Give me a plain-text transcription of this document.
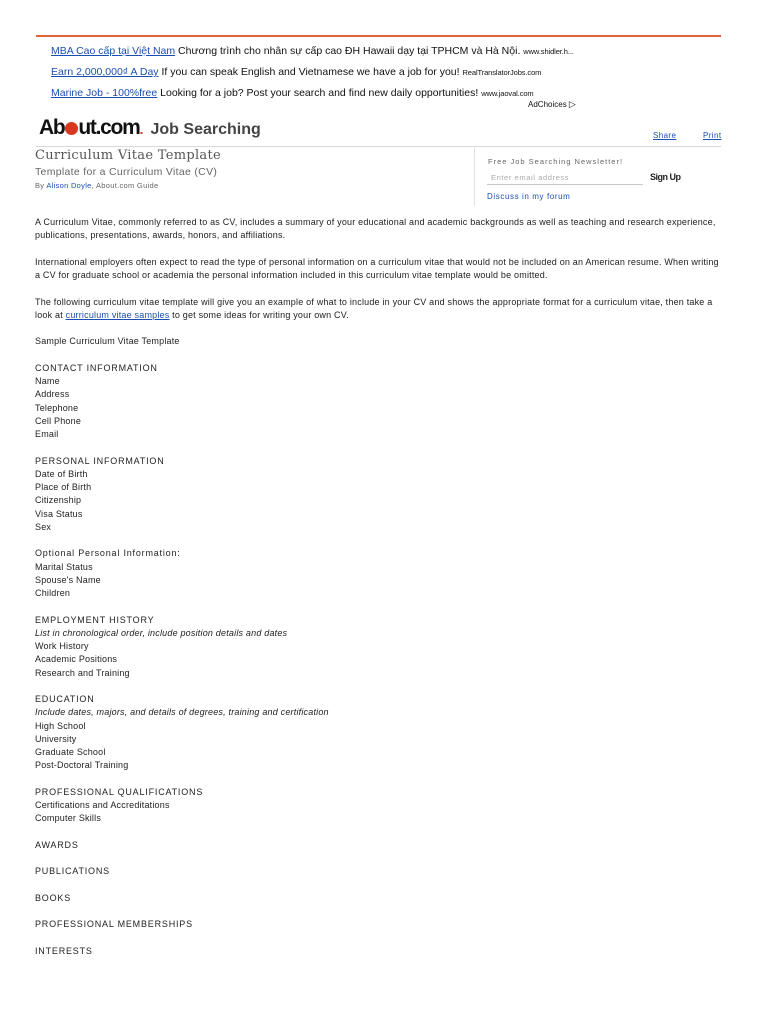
MBA Cao cấp tại Việt Nam Chương trình cho nhân sự cấp cao ĐH Hawaii dạy tại TPHCM và Hà Nội. www.shidler.h...
Earn 2,000,000₫ A Day If you can speak English and Vietnamese we have a job for you! RealTranslatorJobs.com
Marine Job - 100%free Looking for a job? Post your search and find new daily opportunities! www.jaoval.com
AdChoices ▷
Ab ut.com. Job Searching	Share	Print
Curriculum Vitae Template
Template for a Curriculum Vitae (CV)
By Alison Doyle, About.com Guide
Free Job Searching Newsletter!
Enter email address
Sign Up
Discuss in my forum

A Curriculum Vitae, commonly referred to as CV, includes a summary of your educational and academic backgrounds as well as teaching and research experience, publications, presentations, awards, honors, and affiliations.

International employers often expect to read the type of personal information on a curriculum vitae that would not be included on an American resume. When writing a CV for graduate school or academia the personal information included in this curriculum vitae template would be omitted.

The following curriculum vitae template will give you an example of what to include in your CV and shows the appropriate format for a curriculum vitae, then take a look at curriculum vitae samples to get some ideas for writing your own CV.

Sample Curriculum Vitae Template

CONTACT INFORMATION
Name
Address
Telephone
Cell Phone
Email
PERSONAL INFORMATION
Date of Birth
Place of Birth
Citizenship
Visa Status
Sex
Optional Personal Information:
Marital Status
Spouse's Name
Children
EMPLOYMENT HISTORY
List in chronological order, include position details and dates
Work History
Academic Positions
Research and Training
EDUCATION
Include dates, majors, and details of degrees, training and certification
High School
University
Graduate School
Post-Doctoral Training
PROFESSIONAL QUALIFICATIONS
Certifications and Accreditations
Computer Skills
AWARDS
PUBLICATIONS
BOOKS
PROFESSIONAL MEMBERSHIPS
INTERESTS
